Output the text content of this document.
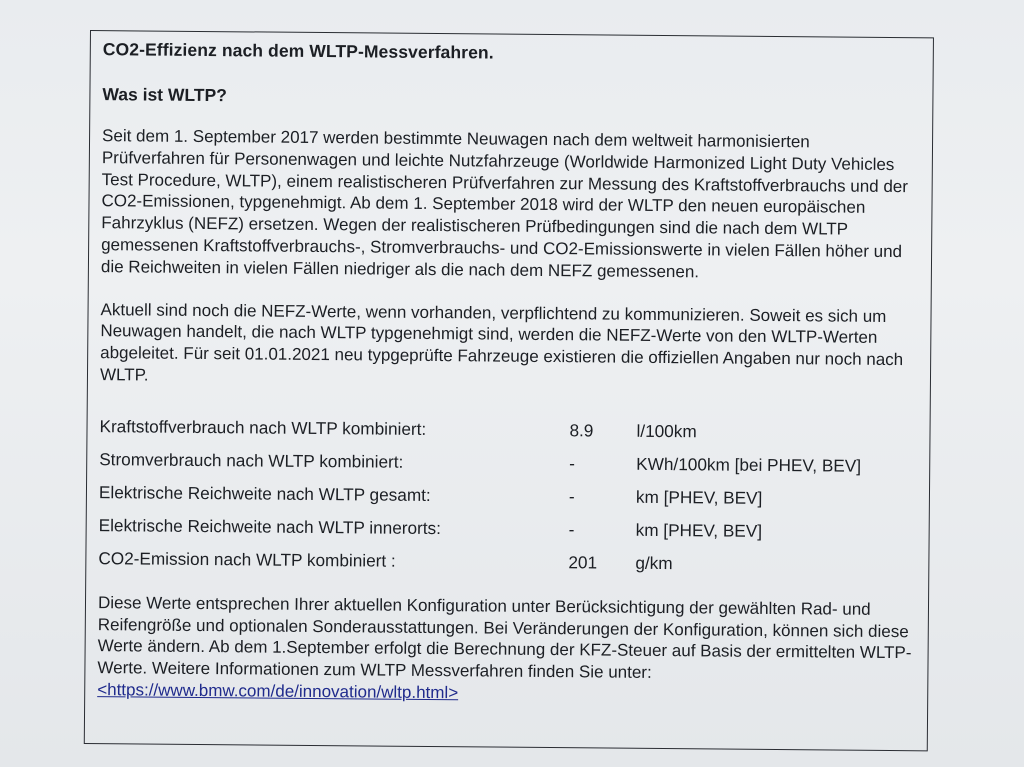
CO2-Effizienz nach dem WLTP-Messverfahren.
Was ist WLTP?

Seit dem 1. September 2017 werden bestimmte Neuwagen nach dem weltweit harmonisierten Prüfverfahren für Personenwagen und leichte Nutzfahrzeuge (Worldwide Harmonized Light Duty Vehicles Test Procedure, WLTP), einem realistischeren Prüfverfahren zur Messung des Kraftstoffverbrauchs und der CO2-Emissionen, typgenehmigt. Ab dem 1. September 2018 wird der WLTP den neuen europäischen Fahrzyklus (NEFZ) ersetzen. Wegen der realistischeren Prüfbedingungen sind die nach dem WLTP gemessenen Kraftstoffverbrauchs-, Stromverbrauchs- und CO2-Emissionswerte in vielen Fällen höher und die Reichweiten in vielen Fällen niedriger als die nach dem NEFZ gemessenen.

Aktuell sind noch die NEFZ-Werte, wenn vorhanden, verpflichtend zu kommunizieren. Soweit es sich um Neuwagen handelt, die nach WLTP typgenehmigt sind, werden die NEFZ-Werte von den WLTP-Werten abgeleitet. Für seit 01.01.2021 neu typgeprüfte Fahrzeuge existieren die offiziellen Angaben nur noch nach WLTP.

Kraftstoffverbrauch nach WLTP kombiniert:	8.9 l/100km
Stromverbrauch nach WLTP kombiniert:	-	KWh/100km [bei PHEV, BEV]
Elektrische Reichweite nach WLTP gesamt:	-	km [PHEV, BEV]
Elektrische Reichweite nach WLTP innerorts:	-	km [PHEV, BEV]
CO2-Emission nach WLTP kombiniert :	201 g/km

Diese Werte entsprechen Ihrer aktuellen Konfiguration unter Berücksichtigung der gewählten Rad- und Reifengröße und optionalen Sonderausstattungen. Bei Veränderungen der Konfiguration, können sich diese Werte ändern. Ab dem 1.September erfolgt die Berechnung der KFZ-Steuer auf Basis der ermittelten WLTP-Werte. Weitere Informationen zum WLTP Messverfahren finden Sie unter: <https://www.bmw.com/de/innovation/wltp.html>
